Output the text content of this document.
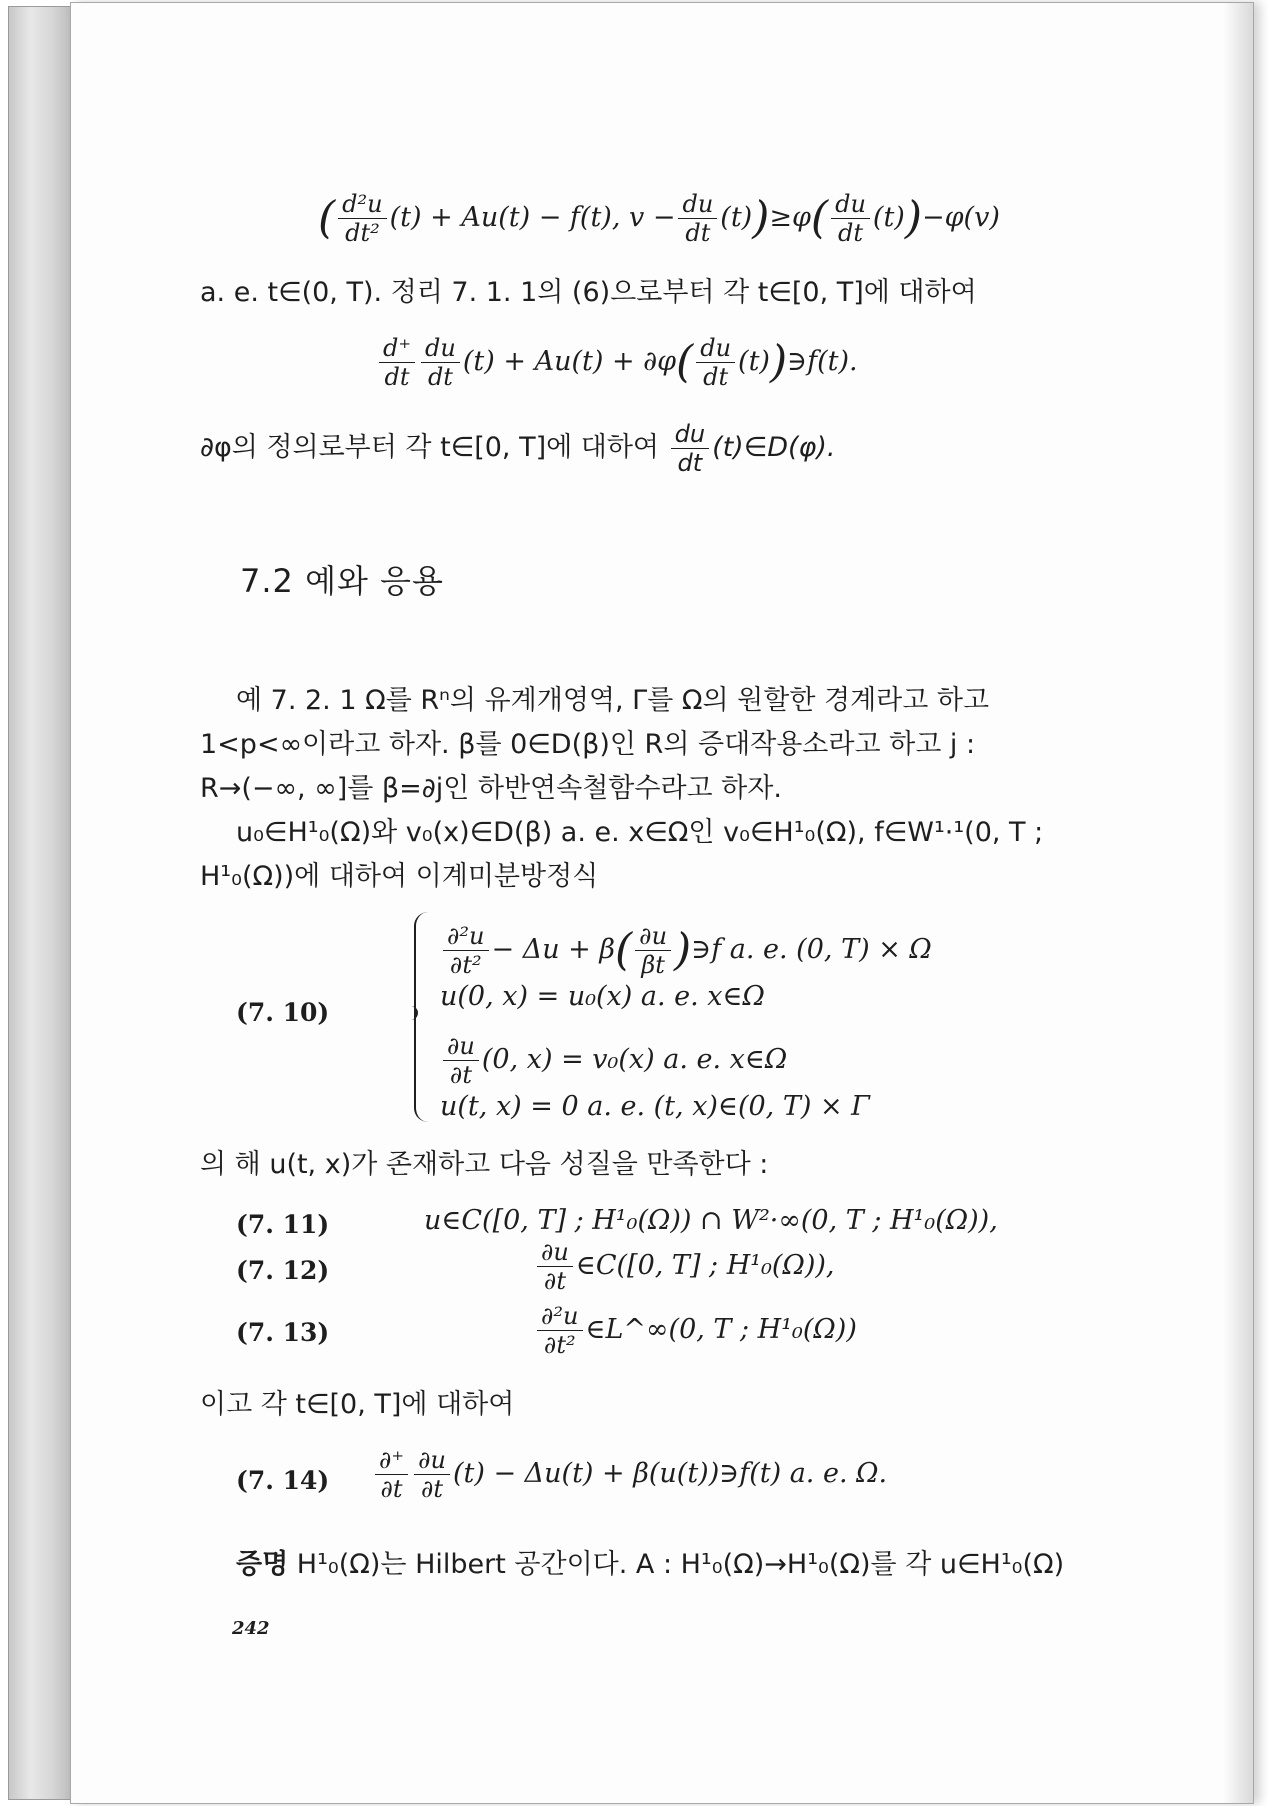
( $\frac{\text{d²u}}{\text{dt²}} (t) + Au(t) - f(t)$, $v - \frac{du}{dt} (t))\ge\varphi( \frac{du}{dt} (t))-\varphi(v)$
a. e. t∈(0, T). 정리 7. 1. 1의 (6)으로부터 각 t∈[0, T]에 대하여
$\frac{d^+}{dt} \frac{du}{dt} (t) + Au(t) + \partial\varphi( \frac{du}{dt}$ (t))∋f(t).
∂φ의 정의로부터 각 t∈[0, T]에 대하여 $\frac{du}{dt}$ (t)∈D(φ).
7.2 예와 응용
예 7. 2. 1 Ω를 Rⁿ의 유계개영역, Γ를 Ω의 원할한 경계라고 하고
1<p<∞이라고 하자. β를 0∈D(β)인 R의 증대작용소라고 하고 j :
R→(−∞, ∞]를 β=∂j인 하반연속철함수라고 하자.
u₀∈H¹₀(Ω)와 v₀(x)∈D(β) a. e. x∈Ω인 v₀∈H¹₀(Ω), f∈W¹·¹(0, T ;
H¹₀(Ω))에 대하여 이계미분방정식
(7. 10)
$\frac{\text{∂²u}}{\text{∂t²}} - \Delta u + \beta( \frac{\partial u}{\beta t}$ )∋f a. e. (0, T) × Ω
u(0, x) = u₀(x) a. e. x∈Ω
$\frac{\partial u}{\partial t} (0$, x) = v₀(x) a. e. x∈Ω
u(t, x) = 0 a. e. (t, x)∈(0, T) × Γ
의 해 u(t, x)가 존재하고 다음 성질을 만족한다 :
(7. 11)	u∈C([0, T] ; H¹₀(Ω)) ∩ W²·∞(0, T ; H¹₀(Ω)),
(7. 12)	$\frac{\partial u}{\partial t}$ ∈C([0, T] ; H¹₀(Ω)),
(7. 13)	$\frac{\text{∂²u}}{\text{∂t²}}$ ∈L^∞(0, T ; H¹₀(Ω))
이고 각 t∈[0, T]에 대하여
(7. $14) \frac{\partial^+}{\partial t} \frac{\partial u}{\partial t} (t) - \Delta u(t)$ + β(u(t))∋f(t) a. e. Ω.
증명 H¹₀(Ω)는 Hilbert 공간이다. A : H¹₀(Ω)→H¹₀(Ω)를 각 u∈H¹₀(Ω)
242
